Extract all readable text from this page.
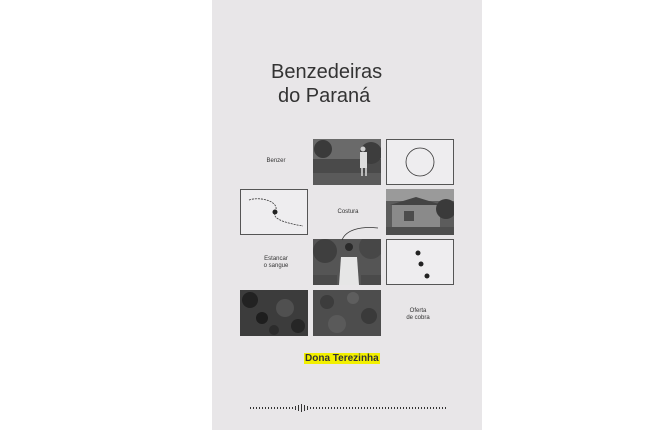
Benzedeiras
do Paraná
Benzer
Costura
Estancar
o sangue
Oferta
de cobra
Dona Terezinha
